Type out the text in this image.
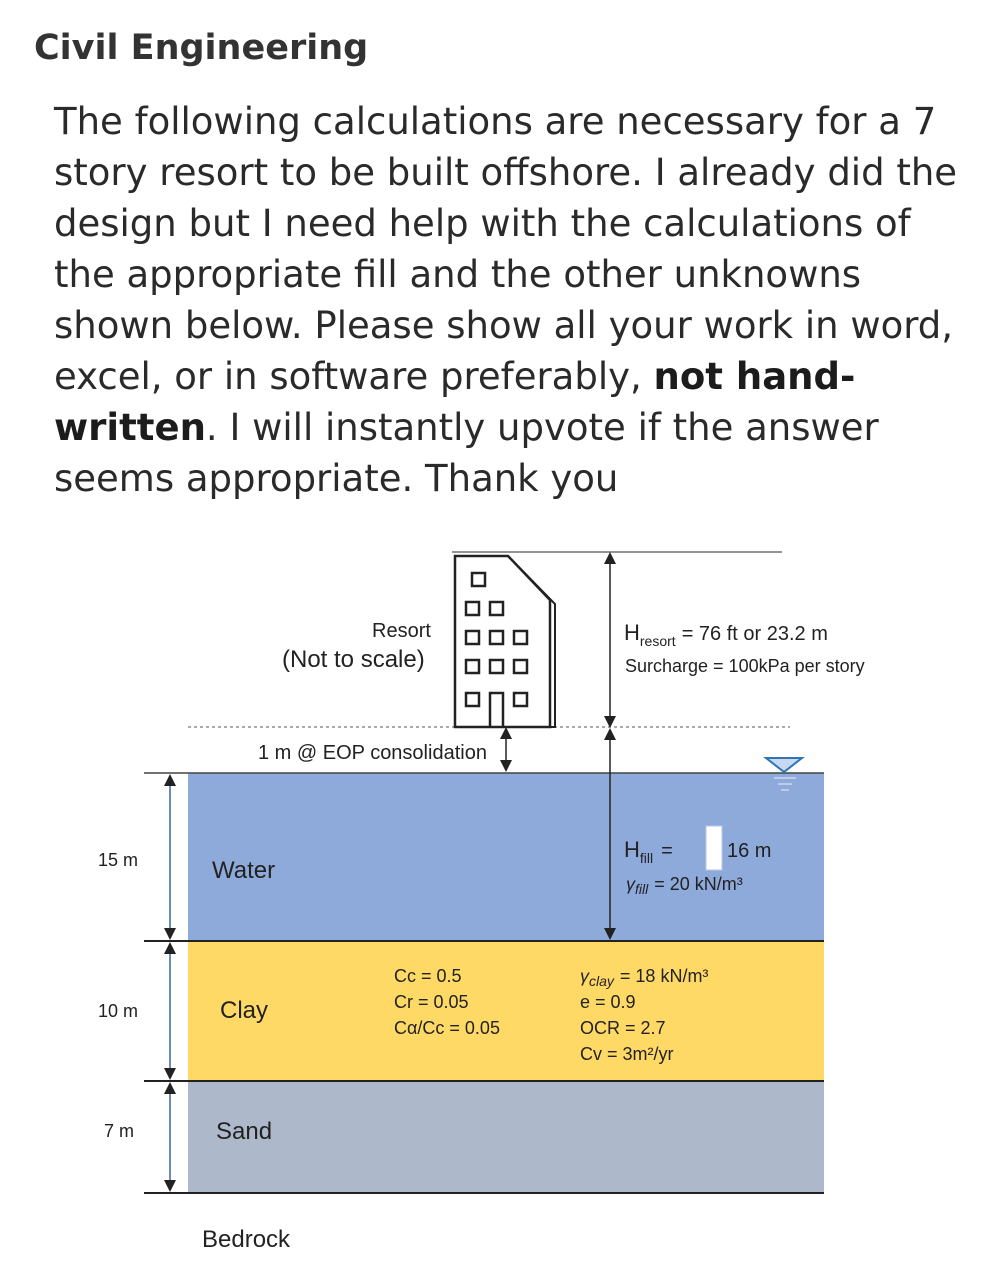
Civil Engineering

The following calculations are necessary for a 7 story resort to be built offshore. I already did the design but I need help with the calculations of the appropriate fill and the other unknowns shown below. Please show all your work in word, excel, or in software preferably, not hand-written. I will instantly upvote if the answer seems appropriate. Thank you

15 m
10 m
7 m
Water
Clay
Sand
Bedrock
Resort
(Not to scale)
1 m @ EOP consolidation
$H_{resort} = 76$ ft or 23.2 m
Surcharge = 100kPa per story
$H_{fill}$ =	16 m
$\gamma_{fill} = 20$ kN/m³
Cc = 0.5
Cr = 0.05
Cα/Cc = 0.05
$\gamma_{clay} = 18$ kN/m³
e = 0.9
OCR = 2.7
Cv = 3m²/yr
